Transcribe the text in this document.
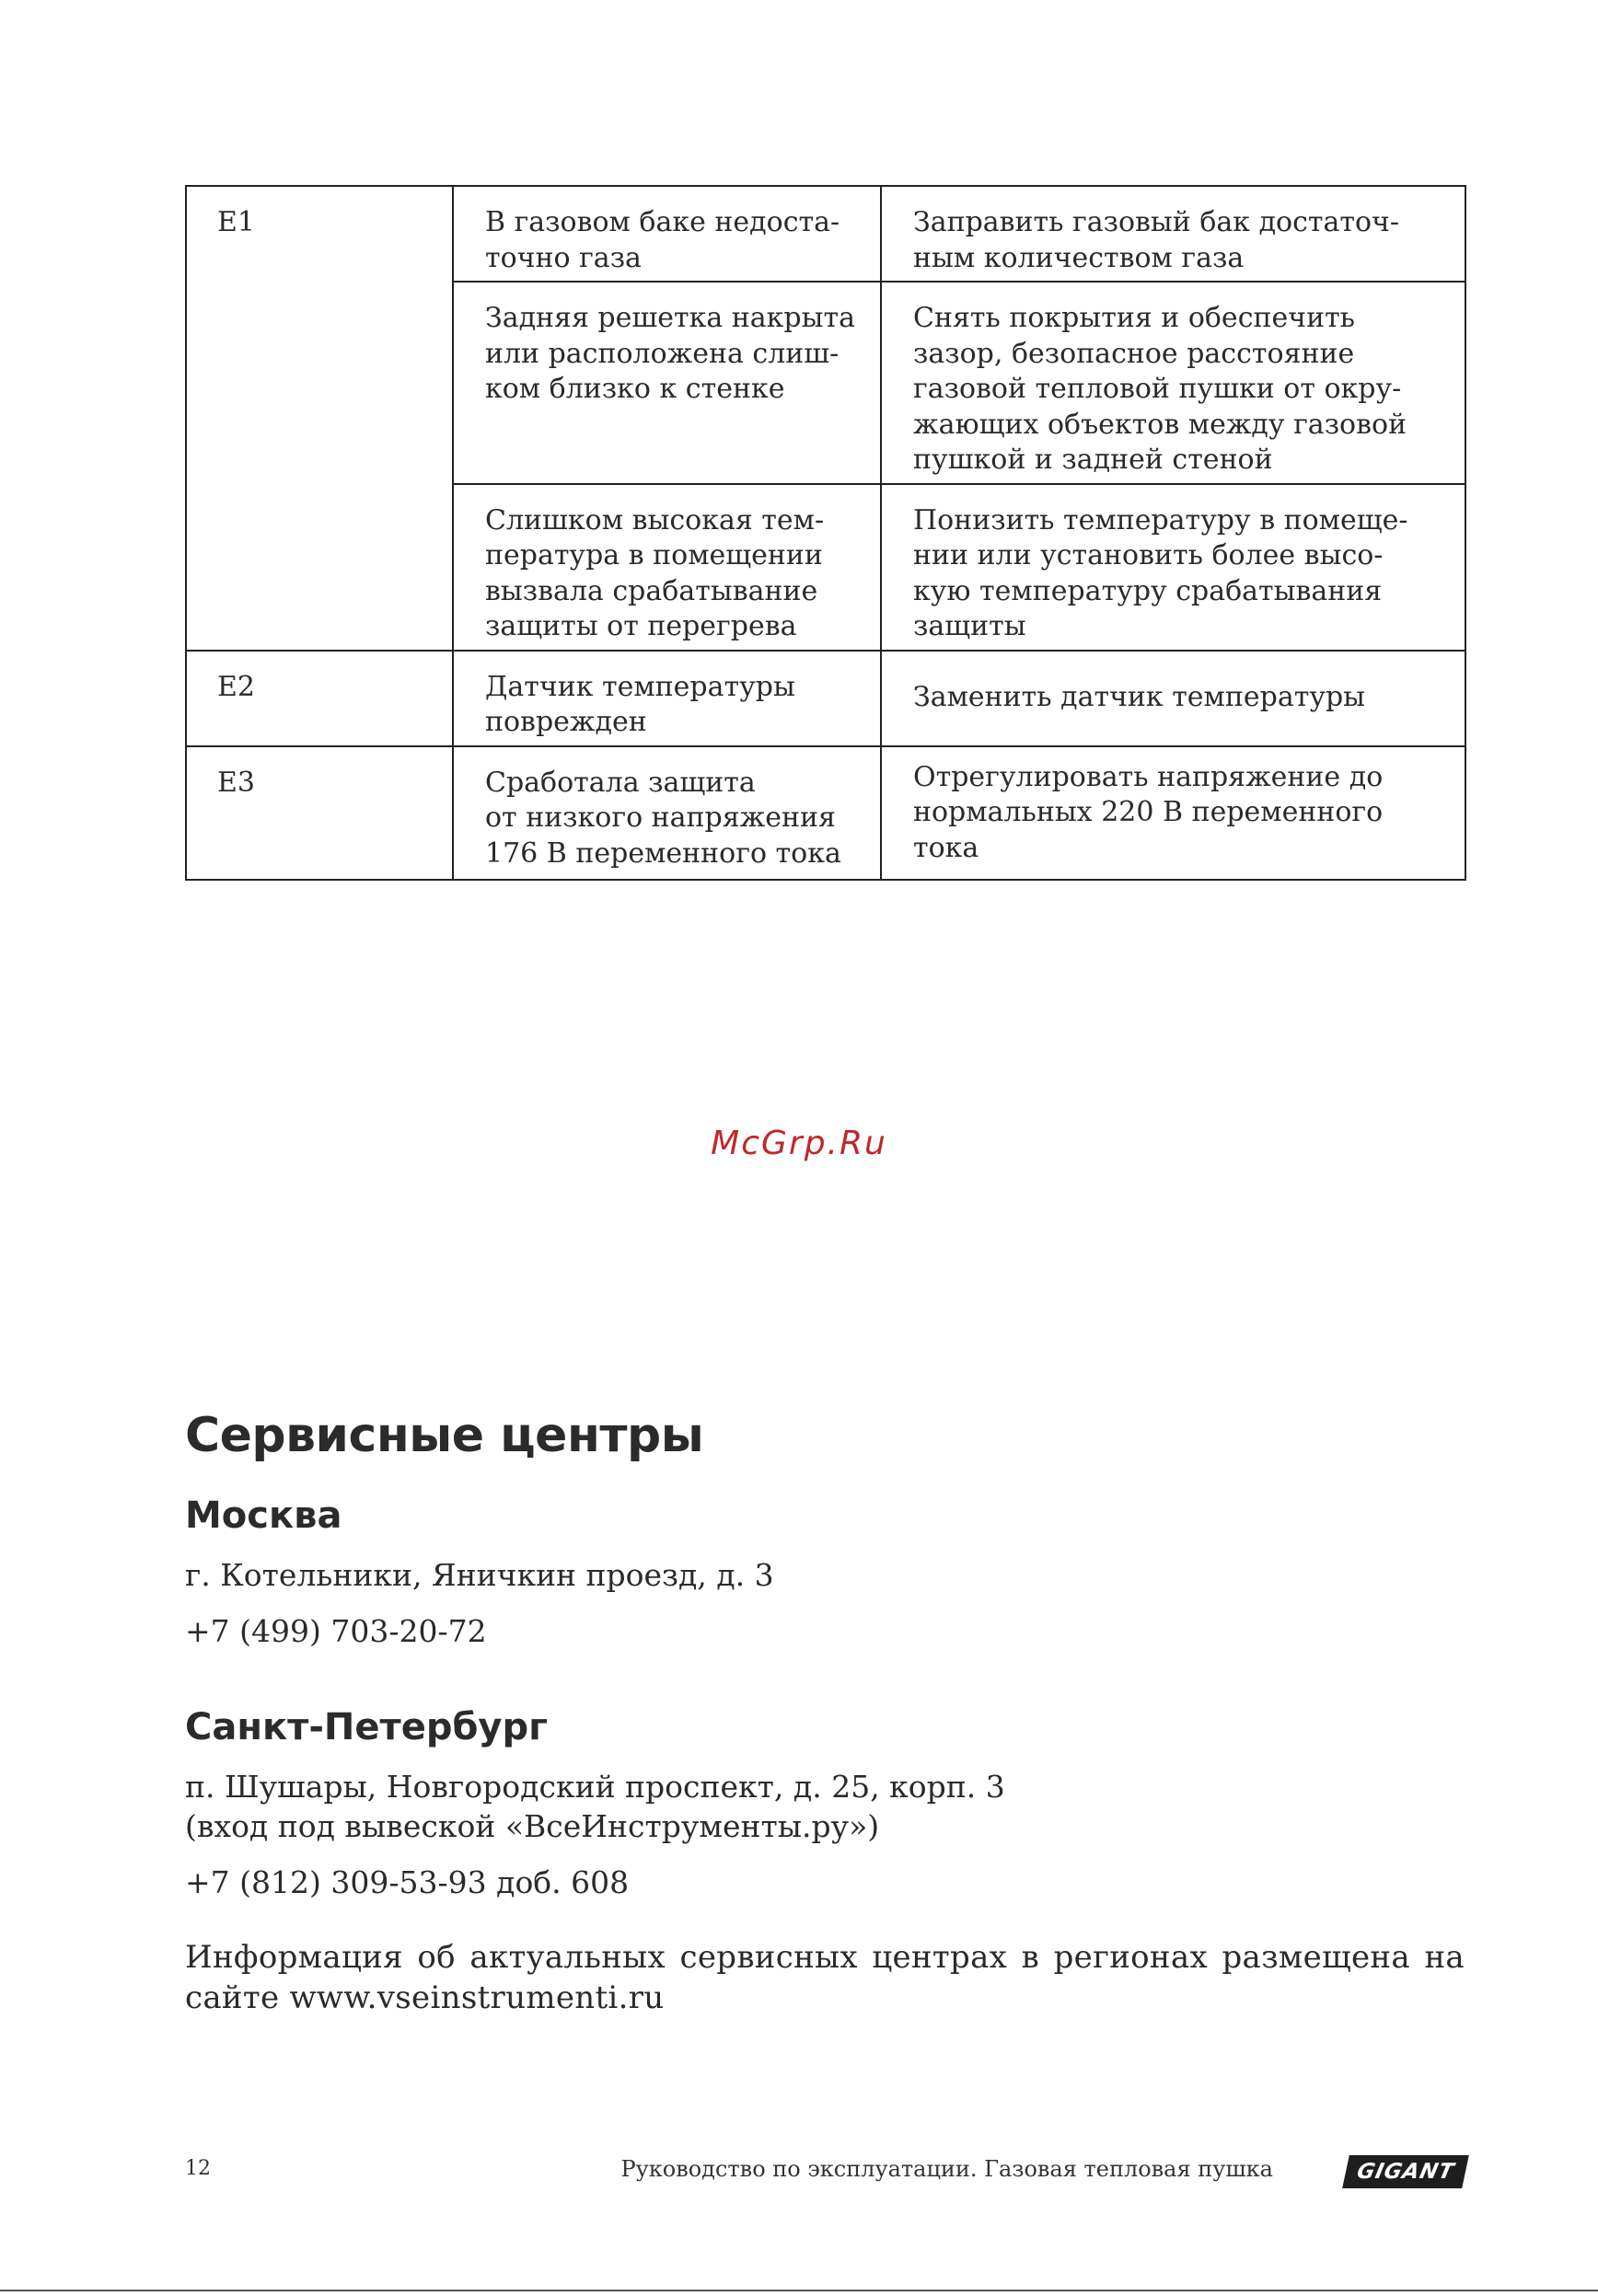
E1	В газовом баке недоста-
точно газа	Заправить газовый бак достаточ-
ным количеством газа

	Задняя решетка накрыта
или расположена слиш-
ком близко к стенке	Снять покрытия и обеспечить
зазор, безопасное расстояние
газовой тепловой пушки от окру-
жающих объектов между газовой
пушкой и задней стеной

	Слишком высокая тем-
пература в помещении
вызвала срабатывание
защиты от перегрева	Понизить температуру в помеще-
нии или установить более высо-
кую температуру срабатывания
защиты

E2	Датчик температуры
поврежден	Заменить датчик температуры

E3	Сработала защита
от низкого напряжения
176 В переменного тока	Отрегулировать напряжение до
нормальных 220 В переменного
тока
McGrp.Ru
Сервисные центры
Москва
г. Котельники, Яничкин проезд, д. 3
+7 (499) 703-20-72
Санкт-Петербург
п. Шушары, Новгородский проспект, д. 25, корп. 3
(вход под вывеской «ВсеИнструменты.ру»)
+7 (812) 309-53-93 доб. 608
Информация об актуальных сервисных центрах в регионах размещена на сайте www.vseinstrumenti.ru
12	Руководство по эксплуатации. Газовая тепловая пушка	GIGANT
